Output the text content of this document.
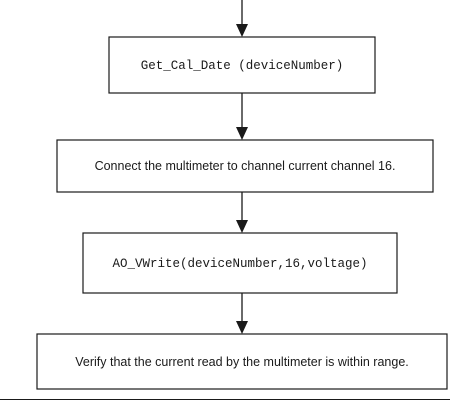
Get_Cal_Date (deviceNumber)
Connect the multimeter to channel current channel 16.
AO_VWrite(deviceNumber,16,voltage)
Verify that the current read by the multimeter is within range.
